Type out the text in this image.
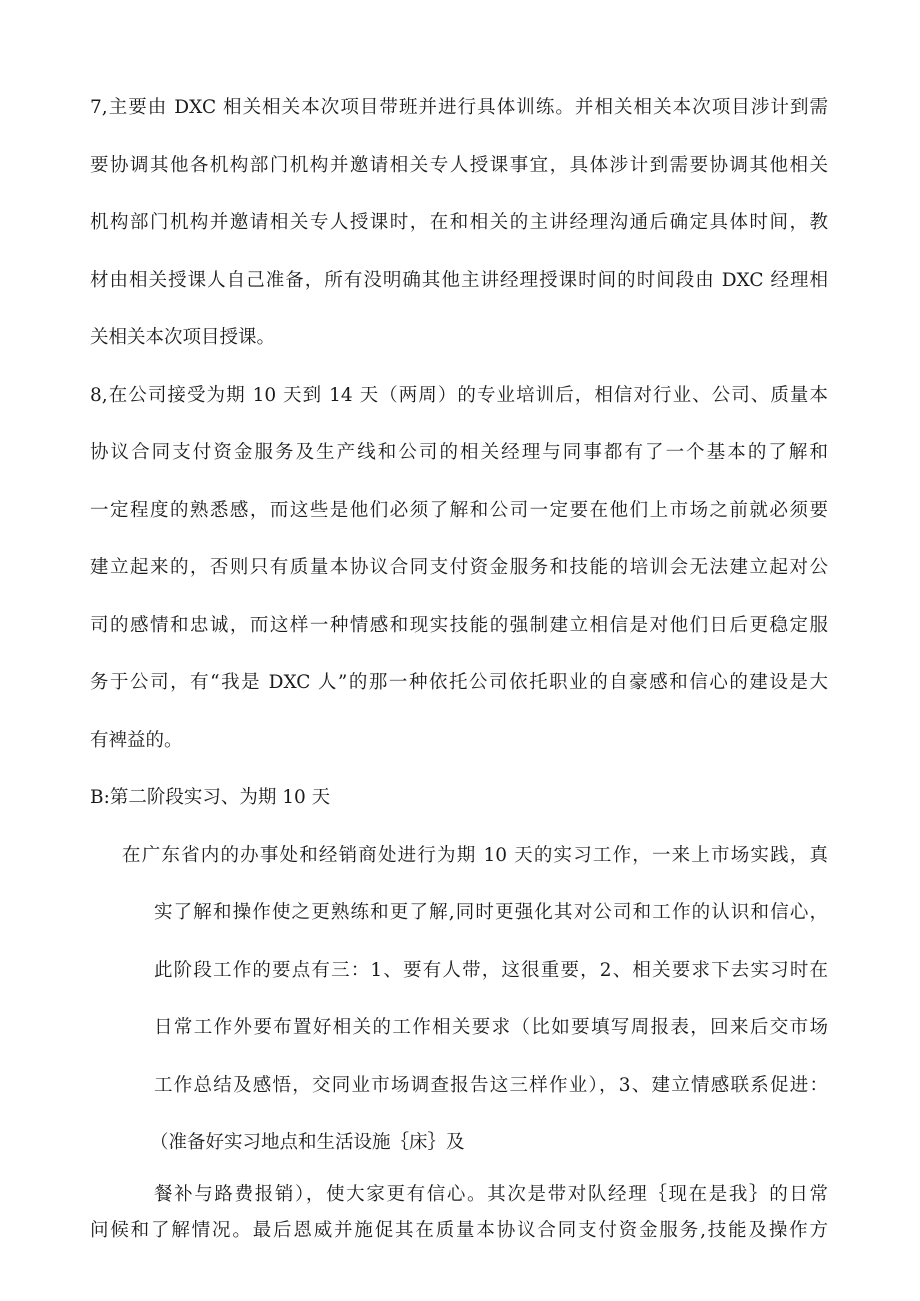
7,主要由 DXC 相关相关本次项目带班并进行具体训练。并相关相关本次项目涉计到需
要协调其他各机构部门机构并邀请相关专人授课事宜，具体涉计到需要协调其他相关
机构部门机构并邀请相关专人授课时，在和相关的主讲经理沟通后确定具体时间，教
材由相关授课人自己准备，所有没明确其他主讲经理授课时间的时间段由 DXC 经理相
关相关本次项目授课。
8,在公司接受为期 10 天到 14 天（两周）的专业培训后，相信对行业、公司、质量本
协议合同支付资金服务及生产线和公司的相关经理与同事都有了一个基本的了解和
一定程度的熟悉感，而这些是他们必须了解和公司一定要在他们上市场之前就必须要
建立起来的，否则只有质量本协议合同支付资金服务和技能的培训会无法建立起对公
司的感情和忠诚，而这样一种情感和现实技能的强制建立相信是对他们日后更稳定服
务于公司，有“我是 DXC 人”的那一种依托公司依托职业的自豪感和信心的建设是大
有裨益的。
B:第二阶段实习、为期 10 天
在广东省内的办事处和经销商处进行为期 10 天的实习工作，一来上市场实践，真
实了解和操作使之更熟练和更了解,同时更强化其对公司和工作的认识和信心，
此阶段工作的要点有三：1、要有人带，这很重要，2、相关要求下去实习时在
日常工作外要布置好相关的工作相关要求（比如要填写周报表，回来后交市场
工作总结及感悟，交同业市场调查报告这三样作业），3、建立情感联系促进：
（准备好实习地点和生活设施｛床｝及
餐补与路费报销），使大家更有信心。其次是带对队经理｛现在是我｝的日常
问候和了解情况。最后恩威并施促其在质量本协议合同支付资金服务,技能及操作方
